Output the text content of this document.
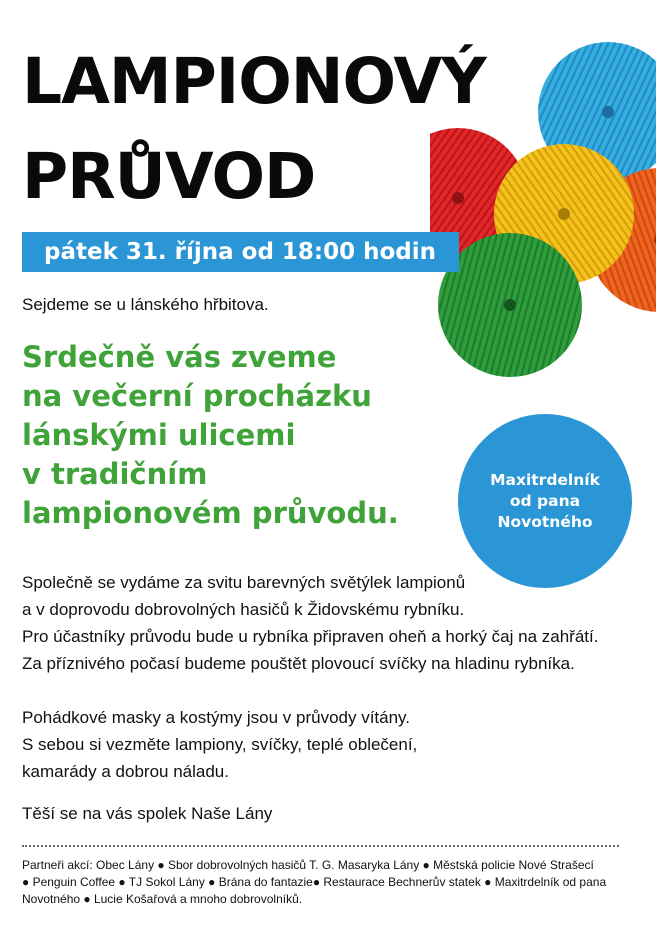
LAMPIONOVÝ
PRŮVOD
pátek 31. října od 18:00 hodin
Sejdeme se u lánského hřbitova.
Srdečně vás zveme
na večerní procházku
lánskými ulicemi
v tradičním
lampionovém průvodu.
Maxitrdelník
od pana
Novotného
Společně se vydáme za svitu barevných světýlek lampionů
a v doprovodu dobrovolných hasičů k Židovskému rybníku.
Pro účastníky průvodu bude u rybníka připraven oheň a horký čaj na zahřátí.
Za příznivého počasí budeme pouštět plovoucí svíčky na hladinu rybníka.
Pohádkové masky a kostýmy jsou v průvody vítány.
S sebou si vezměte lampiony, svíčky, teplé oblečení,
kamarády a dobrou náladu.
Těší se na vás spolek Naše Lány
Partneři akcí: Obec Lány ● Sbor dobrovolných hasičů T. G. Masaryka Lány ● Městská policie Nové Strašecí
● Penguin Coffee ● TJ Sokol Lány ● Brána do fantazie● Restaurace Bechnerův statek ● Maxitrdelník od pana
Novotného ● Lucie Košařová a mnoho dobrovolníků.
